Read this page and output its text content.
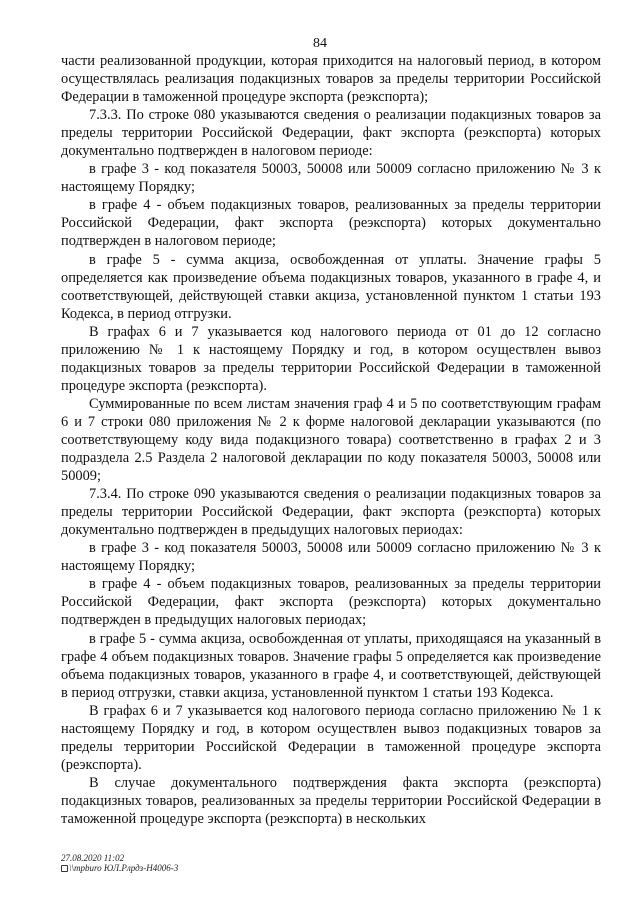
84

части реализованной продукции, которая приходится на налоговый период, в котором осуществлялась реализация подакцизных товаров за пределы территории Российской Федерации в таможенной процедуре экспорта (реэкспорта);

7.3.3. По строке 080 указываются сведения о реализации подакцизных товаров за пределы территории Российской Федерации, факт экспорта (реэкспорта) которых документально подтвержден в налоговом периоде:

в графе 3 - код показателя 50003, 50008 или 50009 согласно приложению № 3 к настоящему Порядку;

в графе 4 - объем подакцизных товаров, реализованных за пределы территории Российской Федерации, факт экспорта (реэкспорта) которых документально подтвержден в налоговом периоде;

в графе 5 - сумма акциза, освобожденная от уплаты. Значение графы 5 определяется как произведение объема подакцизных товаров, указанного в графе 4, и соответствующей, действующей ставки акциза, установленной пунктом 1 статьи 193 Кодекса, в период отгрузки.

В графах 6 и 7 указывается код налогового периода от 01 до 12 согласно приложению № 1 к настоящему Порядку и год, в котором осуществлен вывоз подакцизных товаров за пределы территории Российской Федерации в таможенной процедуре экспорта (реэкспорта).

Суммированные по всем листам значения граф 4 и 5 по соответствующим графам 6 и 7 строки 080 приложения № 2 к форме налоговой декларации указываются (по соответствующему коду вида подакцизного товара) соответственно в графах 2 и 3 подраздела 2.5 Раздела 2 налоговой декларации по коду показателя 50003, 50008 или 50009;

7.3.4. По строке 090 указываются сведения о реализации подакцизных товаров за пределы территории Российской Федерации, факт экспорта (реэкспорта) которых документально подтвержден в предыдущих налоговых периодах:

в графе 3 - код показателя 50003, 50008 или 50009 согласно приложению № 3 к настоящему Порядку;

в графе 4 - объем подакцизных товаров, реализованных за пределы территории Российской Федерации, факт экспорта (реэкспорта) которых документально подтвержден в предыдущих налоговых периодах;

в графе 5 - сумма акциза, освобожденная от уплаты, приходящаяся на указанный в графе 4 объем подакцизных товаров. Значение графы 5 определяется как произведение объема подакцизных товаров, указанного в графе 4, и соответствующей, действующей в период отгрузки, ставки акциза, установленной пунктом 1 статьи 193 Кодекса.

В графах 6 и 7 указывается код налогового периода согласно приложению № 1 к настоящему Порядку и год, в котором осуществлен вывоз подакцизных товаров за пределы территории Российской Федерации в таможенной процедуре экспорта (реэкспорта).

В случае документального подтверждения факта экспорта (реэкспорта) подакцизных товаров, реализованных за пределы территории Российской Федерации в таможенной процедуре экспорта (реэкспорта) в нескольких

27.08.2020 11:02
\\mpburo ЮЛ.Рлрдз-Н4006-3
